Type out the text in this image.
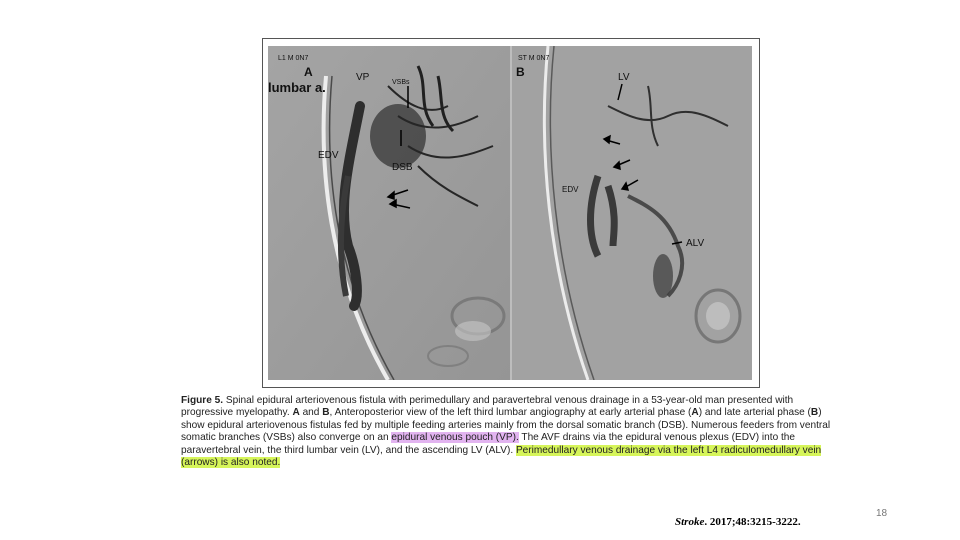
L1 M 0N7
A
lumbar a.
VP	VSBs
EDV
DSB
ST M 0N7
B	LV
EDV
ALV
Figure 5. Spinal epidural arteriovenous fistula with perimedullary and paravertebral venous drainage in a 53-year-old man presented with progressive myelopathy. A and B, Anteroposterior view of the left third lumbar angiography at early arterial phase (A) and late arterial phase (B) show epidural arteriovenous fistulas fed by multiple feeding arteries mainly from the dorsal somatic branch (DSB). Numerous feeders from ventral somatic branches (VSBs) also converge on an epidural venous pouch (VP). The AVF drains via the epidural venous plexus (EDV) into the paravertebral vein, the third lumbar vein (LV), and the ascending LV (ALV). Perimedullary venous drainage via the left L4 radiculomedullary vein (arrows) is also noted.
18
Stroke. 2017;48:3215-3222.
